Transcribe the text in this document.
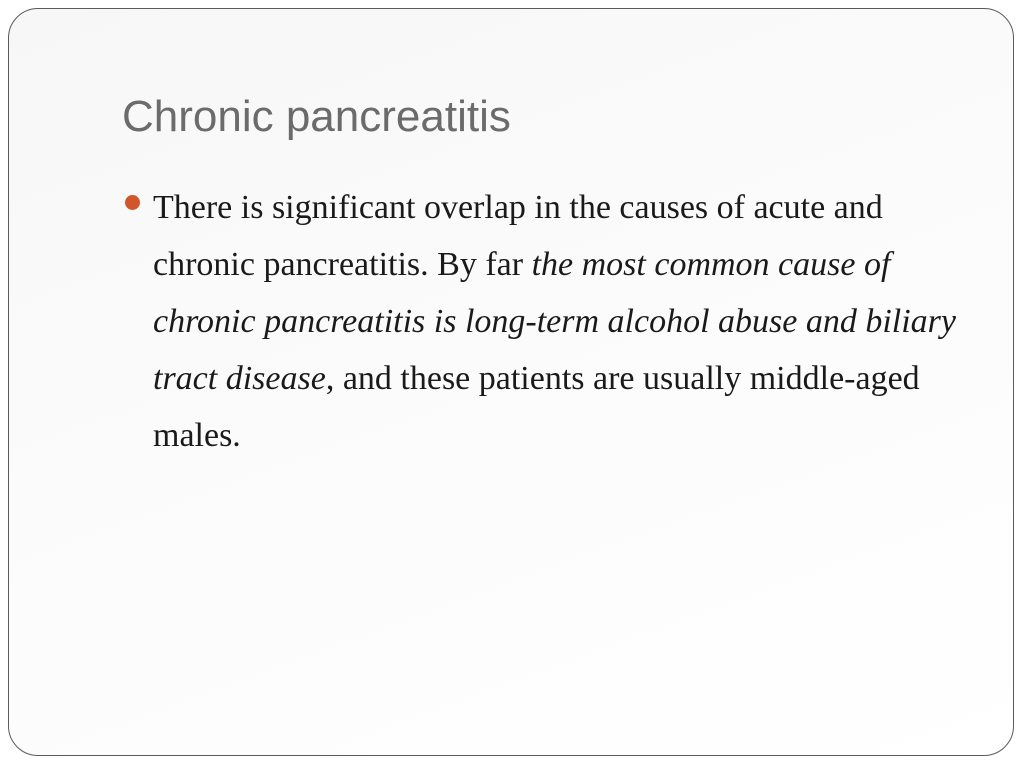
Chronic pancreatitis
There is significant overlap in the causes of acute and chronic pancreatitis. By far the most common cause of chronic pancreatitis is long-term alcohol abuse and biliary tract disease, and these patients are usually middle-aged males.
